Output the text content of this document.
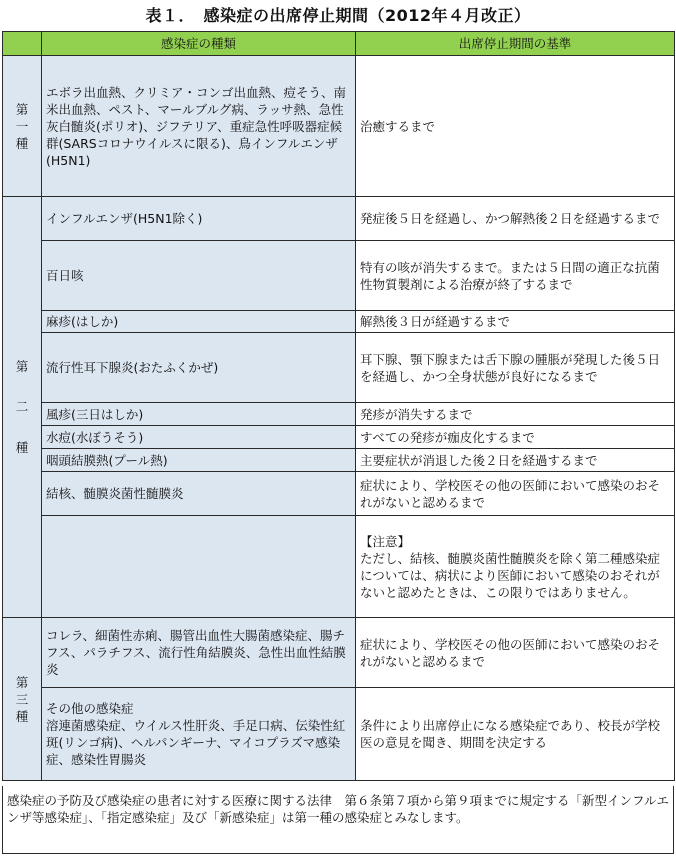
表１．　感染症の出席停止期間（2012年４月改正）
	感染症の種類	出席停止期間の基準

第
一
種	エボラ出血熱、クリミア・コンゴ出血熱、痘そう、南米出血熱、ペスト、マールブルグ病、ラッサ熱、急性灰白髄炎(ポリオ)、ジフテリア、重症急性呼吸器症候群(SARSコロナウイルスに限る)、鳥インフルエンザ(H5N1)	治癒するまで

第
二
種	インフルエンザ(H5N1除く)	発症後５日を経過し、かつ解熱後２日を経過するまで
	百日咳	特有の咳が消失するまで。または５日間の適正な抗菌性物質製剤による治療が終了するまで
	麻疹(はしか)	解熱後３日が経過するまで
	流行性耳下腺炎(おたふくかぜ)	耳下腺、顎下腺または舌下腺の腫脹が発現した後５日を経過し、かつ全身状態が良好になるまで
	風疹(三日はしか)	発疹が消失するまで
	水痘(水ぼうそう)	すべての発疹が痂皮化するまで
	咽頭結膜熱(プール熱)	主要症状が消退した後２日を経過するまで
	結核、髄膜炎菌性髄膜炎	症状により、学校医その他の医師において感染のおそれがないと認めるまで

		【注意】
ただし、結核、髄膜炎菌性髄膜炎を除く第二種感染症については、病状により医師において感染のおそれがないと認めたときは、この限りではありません。

第
三
種	コレラ、細菌性赤痢、腸管出血性大腸菌感染症、腸チフス、パラチフス、流行性角結膜炎、急性出血性結膜炎	症状により、学校医その他の医師において感染のおそれがないと認めるまで

	その他の感染症
溶連菌感染症、ウイルス性肝炎、手足口病、伝染性紅斑(リンゴ病)、ヘルパンギーナ、マイコプラズマ感染症、感染性胃腸炎	条件により出席停止になる感染症であり、校長が学校医の意見を聞き、期間を決定する
感染症の予防及び感染症の患者に対する医療に関する法律　第６条第７項から第９項までに規定する「新型インフルエンザ等感染症」、「指定感染症」及び「新感染症」は第一種の感染症とみなします。
